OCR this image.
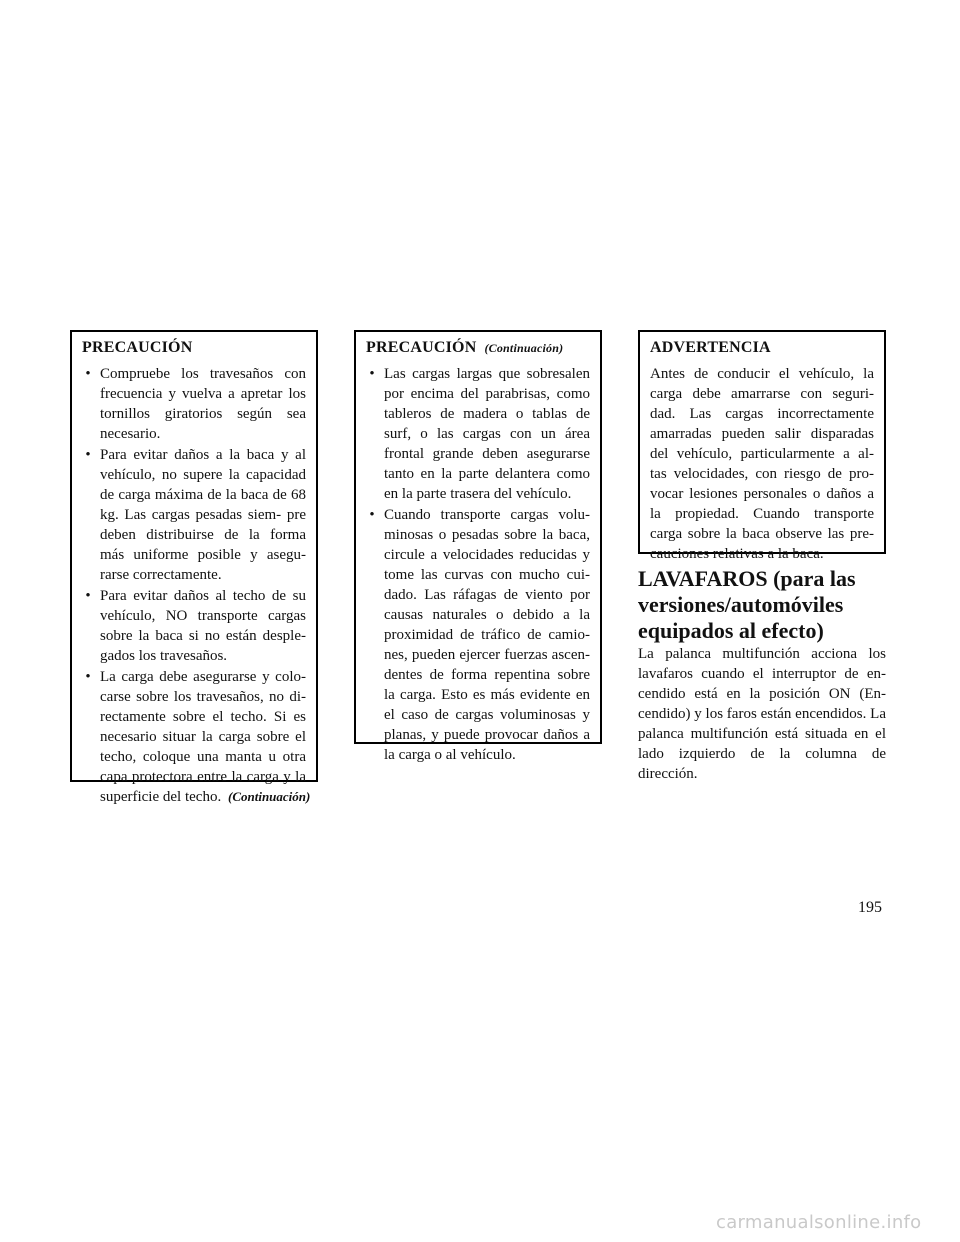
PRECAUCIÓN
• Compruebe los travesaños con frecuencia y vuelva a apretar los tornillos giratorios según sea necesario.
• Para evitar daños a la baca y al vehículo, no supere la capacidad de carga máxima de la baca de 68 kg. Las cargas pesadas siem- pre deben distribuirse de la forma más uniforme posible y asegu- rarse correctamente.
• Para evitar daños al techo de su vehículo, NO transporte cargas sobre la baca si no están desple- gados los travesaños.
• La carga debe asegurarse y colo- carse sobre los travesaños, no di- rectamente sobre el techo. Si es necesario situar la carga sobre el techo, coloque una manta u otra capa protectora entre la carga y la superficie del techo. (Continuación)
PRECAUCIÓN (Continuación)
• Las cargas largas que sobresalen por encima del parabrisas, como tableros de madera o tablas de surf, o las cargas con un área frontal grande deben asegurarse tanto en la parte delantera como en la parte trasera del vehículo.
• Cuando transporte cargas volu- minosas o pesadas sobre la baca, circule a velocidades reducidas y tome las curvas con mucho cui- dado. Las ráfagas de viento por causas naturales o debido a la proximidad de tráfico de camio- nes, pueden ejercer fuerzas ascen- dentes de forma repentina sobre la carga. Esto es más evidente en el caso de cargas voluminosas y planas, y puede provocar daños a la carga o al vehículo.
ADVERTENCIA

Antes de conducir el vehículo, la carga debe amarrarse con seguri- dad. Las cargas incorrectamente amarradas pueden salir disparadas del vehículo, particularmente a al- tas velocidades, con riesgo de pro- vocar lesiones personales o daños a la propiedad. Cuando transporte carga sobre la baca observe las pre- cauciones relativas a la baca.

LAVAFAROS (para las
versiones/automóviles
equipados al efecto)

La palanca multifunción acciona los lavafaros cuando el interruptor de en- cendido está en la posición ON (En- cendido) y los faros están encendidos. La palanca multifunción está situada en el lado izquierdo de la columna de dirección.

195
carmanualsonline.info
